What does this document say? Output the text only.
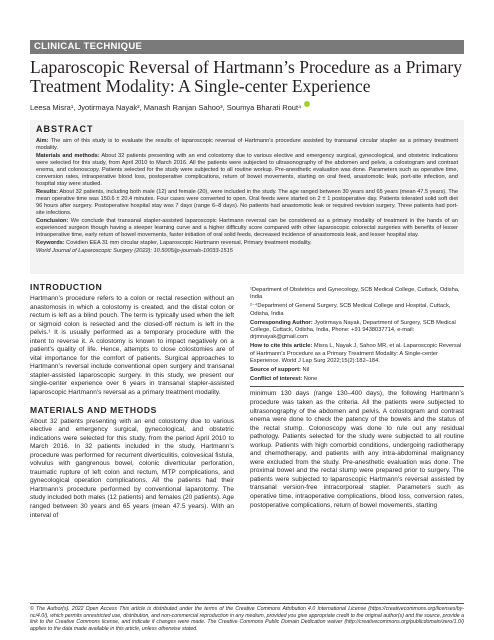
CLINICAL TECHNIQUE
Laparoscopic Reversal of Hartmann’s Procedure as a Primary
Treatment Modality: A Single-center Experience
Leesa Misra¹, Jyotirmaya Nayak², Manash Ranjan Sahoo³, Soumya Bharati Rout⁴
ABSTRACT

Aim: The aim of this study is to evaluate the results of laparoscopic reversal of Hartmann’s procedure assisted by transanal circular stapler as a primary treatment modality.

Materials and methods: About 32 patients presenting with an end colostomy due to various elective and emergency surgical, gynecological, and obstetric indications were selected for this study, from April 2010 to March 2016. All the patients were subjected to ultrasonography of the abdomen and pelvis, a colostogram and contrast enema, and colonoscopy. Patients selected for the study were subjected to all routine workup. Pre-anesthetic evaluation was done. Parameters such as operative time, conversion rates, intraoperative blood loss, postoperative complications, return of bowel movements, starting on oral feed, anastomotic leak, port-site infection, and hospital stay were studied.

Results: About 32 patients, including both male (12) and female (20), were included in the study. The age ranged between 30 years and 65 years (mean 47.5 years). The mean operative time was 150.6 ± 20.4 minutes. Four cases were converted to open. Oral feeds were started on 2 ± 1 postoperative day. Patients tolerated solid soft diet 96 hours after surgery. Postoperative hospital stay was 7 days (range 6–8 days). No patients had anastomotic leak or required revision surgery. Three patients had port-site infections.

Conclusion: We conclude that transanal stapler-assisted laparoscopic Hartmann reversal can be considered as a primary modality of treatment in the hands of an experienced surgeon though having a steeper learning curve and a higher difficulty score compared with other laparoscopic colorectal surgeries with benefits of lesser intraoperative time, early return of bowel movements, faster initiation of oral solid feeds, decreased incidence of anastomosis leak, and lesser hospital stay.

Keywords: Covidien EEA 31 mm circular stapler, Laparoscopic Hartmann reversal, Primary treatment modality.

World Journal of Laparoscopic Surgery (2022): 10.5005/jp-journals-10033-1515

INTRODUCTION

Hartmann’s procedure refers to a colon or rectal resection without an anastomosis in which a colostomy is created, and the distal colon or rectum is left as a blind pouch. The term is typically used when the left or sigmoid colon is resected and the closed-off rectum is left in the pelvis.¹ It is usually performed as a temporary procedure with the intent to reverse it. A colostomy is known to impact negatively on a patient’s quality of life. Hence, attempts to close colostomies are of vital importance for the comfort of patients. Surgical approaches to Hartmann’s reversal include conventional open surgery and transanal stapler-assisted laparoscopic surgery. In this study, we present our single-center experience over 6 years in transanal stapler-assisted laparoscopic Hartmann’s reversal as a primary treatment modality.

MATERIALS AND METHODS

About 32 patients presenting with an end colostomy due to various elective and emergency surgical, gynecological, and obstetric indications were selected for this study, from the period April 2010 to March 2016. In 32 patients included in the study, Hartmann’s procedure was performed for recurrent diverticulitis, colovesical fistula, volvulus with gangrenous bowel, colonic diverticular perforation, traumatic rupture of left colon and rectum, MTP complications, and gynecological operation complications. All the patients had their Hartmann’s procedure performed by conventional laparotomy. The study included both males (12 patients) and females (20 patients). Age ranged between 30 years and 65 years (mean 47.5 years). With an interval of

¹Department of Obstetrics and Gynecology, SCB Medical College, Cuttack, Odisha, India

²⁻⁴Department of General Surgery, SCB Medical College and Hospital, Cuttack, Odisha, India

Corresponding Author: Jyotirmaya Nayak, Department of Surgery, SCB Medical College, Cuttack, Odisha, India, Phone: +91 9438037714, e-mail: drjmnayak@gmail.com

How to cite this article: Misra L, Nayak J, Sahoo MR, et al. Laparoscopic Reversal of Hartmann’s Procedure as a Primary Treatment Modality: A Single-center Experience. World J Lap Surg 2022;15(2):182–184.

Source of support: Nil

Conflict of interest: None

minimum 130 days (range 130–400 days), the following Hartmann’s procedure was taken as the criteria. All the patients were subjected to ultrasonography of the abdomen and pelvis. A colostogram and contrast enema were done to check the patency of the bowels and the status of the rectal stump. Colonoscopy was done to rule out any residual pathology. Patients selected for the study were subjected to all routine workup. Patients with high comorbid conditions, undergoing radiotherapy and chemotherapy, and patients with any intra-abdominal malignancy were excluded from the study. Pre-anesthetic evaluation was done. The proximal bowel and the rectal stump were prepared prior to surgery. The patients were subjected to laparoscopic Hartmann’s reversal assisted by transanal version-free intracorporeal stapler. Parameters such as operative time, intraoperative complications, blood loss, conversion rates, postoperative complications, return of bowel movements, starting

© The Author(s). 2022 Open Access This article is distributed under the terms of the Creative Commons Attribution 4.0 International License (https://creativecommons.org/licenses/by-nc/4.0/), which permits unrestricted use, distribution, and non-commercial reproduction in any medium, provided you give appropriate credit to the original author(s) and the source, provide a link to the Creative Commons license, and indicate if changes were made. The Creative Commons Public Domain Dedication waiver (http://creativecommons.org/publicdomain/zero/1.0/) applies to the data made available in this article, unless otherwise stated.
